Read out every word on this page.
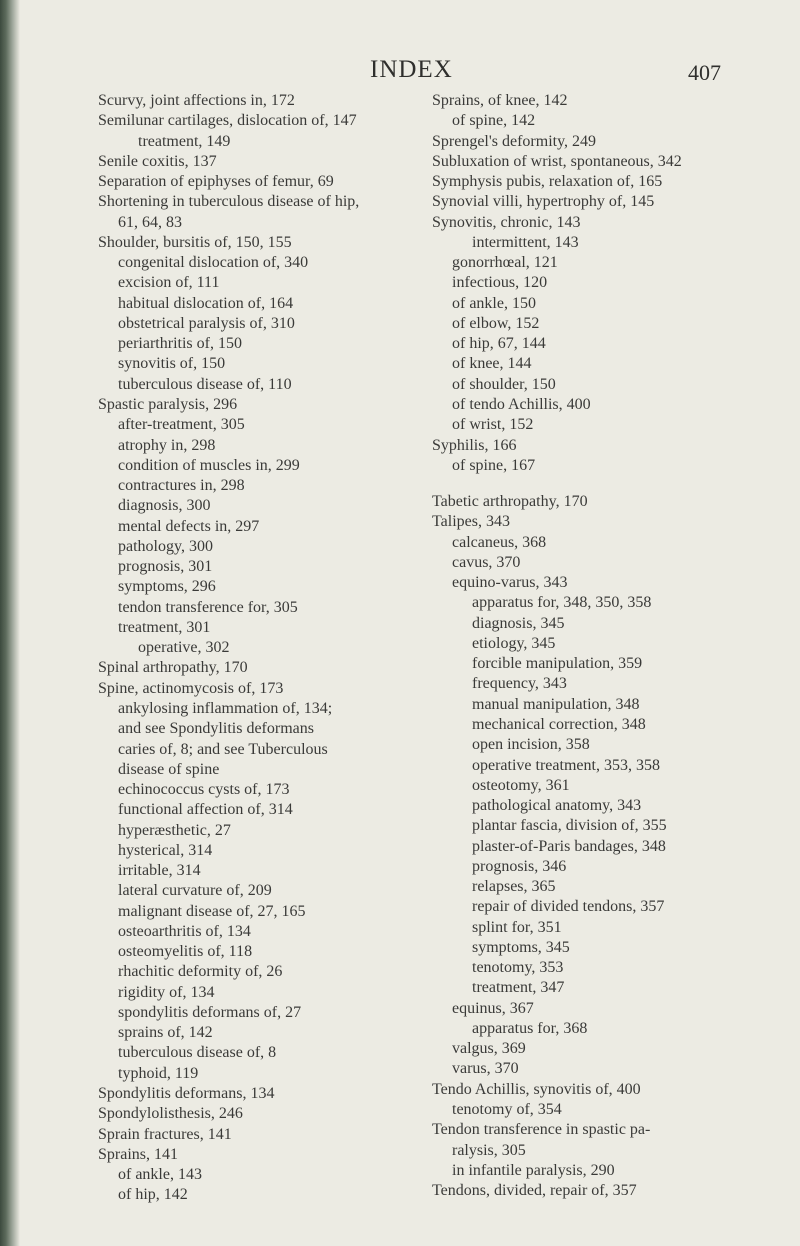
INDEX	407
Scurvy, joint affections in, 172
Semilunar cartilages, dislocation of, 147
treatment, 149
Senile coxitis, 137
Separation of epiphyses of femur, 69
Shortening in tuberculous disease of hip,
61, 64, 83
Shoulder, bursitis of, 150, 155
congenital dislocation of, 340
excision of, 111
habitual dislocation of, 164
obstetrical paralysis of, 310
periarthritis of, 150
synovitis of, 150
tuberculous disease of, 110
Spastic paralysis, 296
after-treatment, 305
atrophy in, 298
condition of muscles in, 299
contractures in, 298
diagnosis, 300
mental defects in, 297
pathology, 300
prognosis, 301
symptoms, 296
tendon transference for, 305
treatment, 301
operative, 302
Spinal arthropathy, 170
Spine, actinomycosis of, 173
ankylosing inflammation of, 134;
and see Spondylitis deformans
caries of, 8; and see Tuberculous
disease of spine
echinococcus cysts of, 173
functional affection of, 314
hyperæsthetic, 27
hysterical, 314
irritable, 314
lateral curvature of, 209
malignant disease of, 27, 165
osteoarthritis of, 134
osteomyelitis of, 118
rhachitic deformity of, 26
rigidity of, 134
spondylitis deformans of, 27
sprains of, 142
tuberculous disease of, 8
typhoid, 119
Spondylitis deformans, 134
Spondylolisthesis, 246
Sprain fractures, 141
Sprains, 141
of ankle, 143
of hip, 142
Sprains, of knee, 142
of spine, 142
Sprengel's deformity, 249
Subluxation of wrist, spontaneous, 342
Symphysis pubis, relaxation of, 165
Synovial villi, hypertrophy of, 145
Synovitis, chronic, 143
intermittent, 143
gonorrhœal, 121
infectious, 120
of ankle, 150
of elbow, 152
of hip, 67, 144
of knee, 144
of shoulder, 150
of tendo Achillis, 400
of wrist, 152
Syphilis, 166
of spine, 167
Tabetic arthropathy, 170
Talipes, 343
calcaneus, 368
cavus, 370
equino-varus, 343
apparatus for, 348, 350, 358
diagnosis, 345
etiology, 345
forcible manipulation, 359
frequency, 343
manual manipulation, 348
mechanical correction, 348
open incision, 358
operative treatment, 353, 358
osteotomy, 361
pathological anatomy, 343
plantar fascia, division of, 355
plaster-of-Paris bandages, 348
prognosis, 346
relapses, 365
repair of divided tendons, 357
splint for, 351
symptoms, 345
tenotomy, 353
treatment, 347
equinus, 367
apparatus for, 368
valgus, 369
varus, 370
Tendo Achillis, synovitis of, 400
tenotomy of, 354
Tendon transference in spastic pa-
ralysis, 305
in infantile paralysis, 290
Tendons, divided, repair of, 357
